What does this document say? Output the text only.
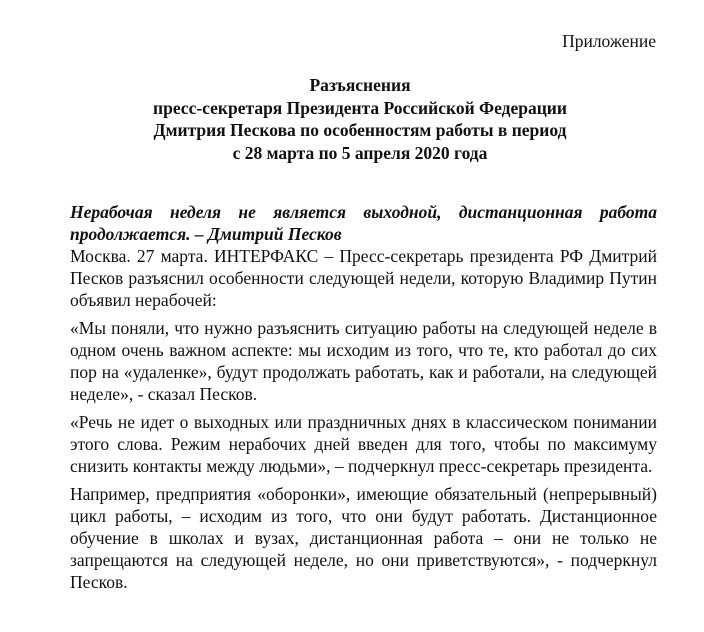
Приложение
Разъяснения
пресс-секретаря Президента Российской Федерации
Дмитрия Пескова по особенностям работы в период
с 28 марта по 5 апреля 2020 года

Нерабочая неделя не является выходной, дистанционная работа продолжается. – Дмитрий Песков

Москва. 27 марта. ИНТЕРФАКС – Пресс-секретарь президента РФ Дмитрий Песков разъяснил особенности следующей недели, которую Владимир Путин объявил нерабочей:

«Мы поняли, что нужно разъяснить ситуацию работы на следующей неделе в одном очень важном аспекте: мы исходим из того, что те, кто работал до сих пор на «удаленке», будут продолжать работать, как и работали, на следующей неделе», - сказал Песков.

«Речь не идет о выходных или праздничных днях в классическом понимании этого слова. Режим нерабочих дней введен для того, чтобы по максимуму снизить контакты между людьми», – подчеркнул пресс-секретарь президента.

Например, предприятия «оборонки», имеющие обязательный (непрерывный) цикл работы, – исходим из того, что они будут работать. Дистанционное обучение в школах и вузах, дистанционная работа – они не только не запрещаются на следующей неделе, но они приветствуются», - подчеркнул Песков.
